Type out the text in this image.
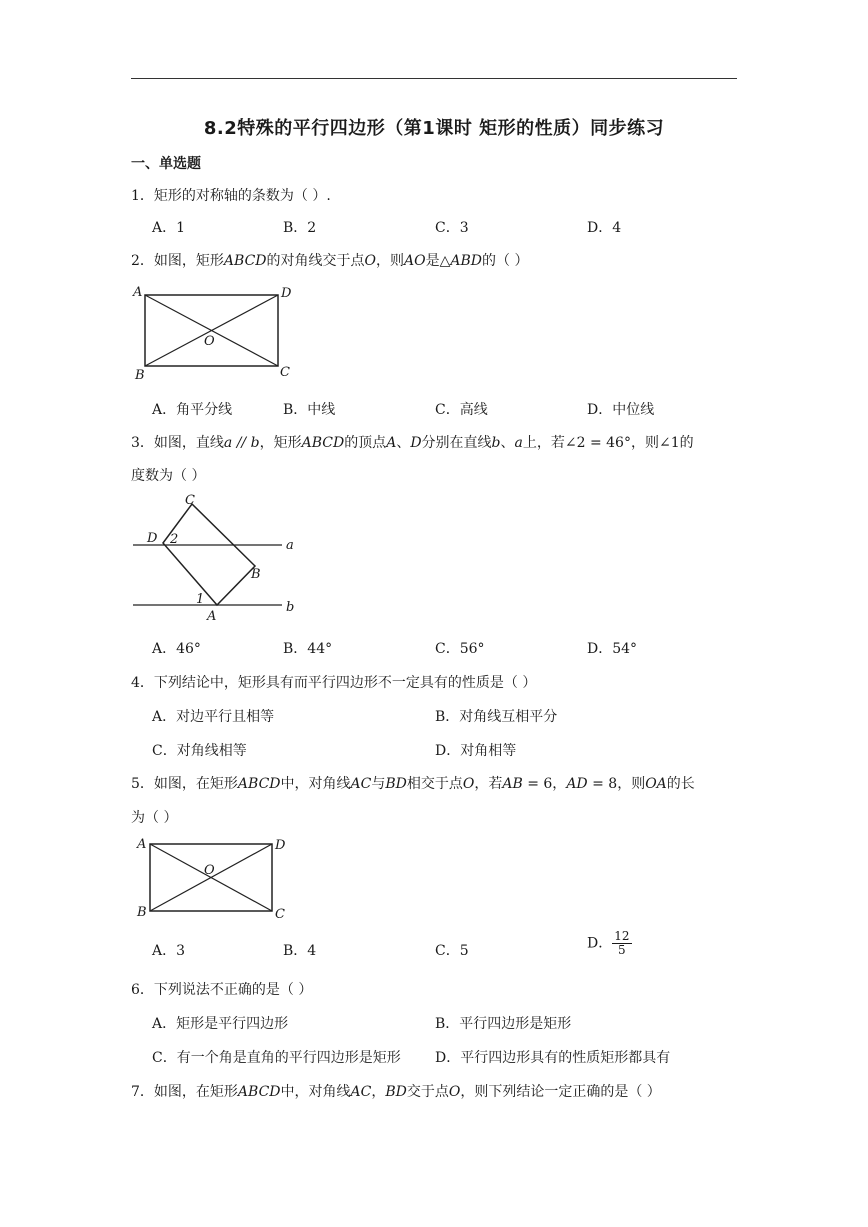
8.2特殊的平行四边形（第1课时 矩形的性质）同步练习
一、单选题
1．矩形的对称轴的条数为（ ）.
A．1	B．2	C．3	D．4
2．如图，矩形ABCD的对角线交于点O，则AO是△ABD的（ ）
A	D
O
B	C
A．角平分线	B．中线	C．高线	D．中位线
3．如图，直线a // b，矩形ABCD的顶点A、D分别在直线b、a上，若∠2 = 46°，则∠1的
度数为（ ）
C
D 2	a
B
1
A
b
A．46°	B．44°	C．56°	D．54°
4．下列结论中，矩形具有而平行四边形不一定具有的性质是（ ）
A．对边平行且相等	B．对角线互相平分
C．对角线相等	D．对角相等
5．如图，在矩形ABCD中，对角线AC与BD相交于点O，若AB = 6，AD = 8，则OA的长
为（ ）
A	D
O
B	C
A．3	B．4	C．5	D． $\frac{12}{5}$
6．下列说法不正确的是（ ）
A．矩形是平行四边形	B．平行四边形是矩形
C．有一个角是直角的平行四边形是矩形 D．平行四边形具有的性质矩形都具有
7．如图，在矩形ABCD中，对角线AC，BD交于点O，则下列结论一定正确的是（ ）
